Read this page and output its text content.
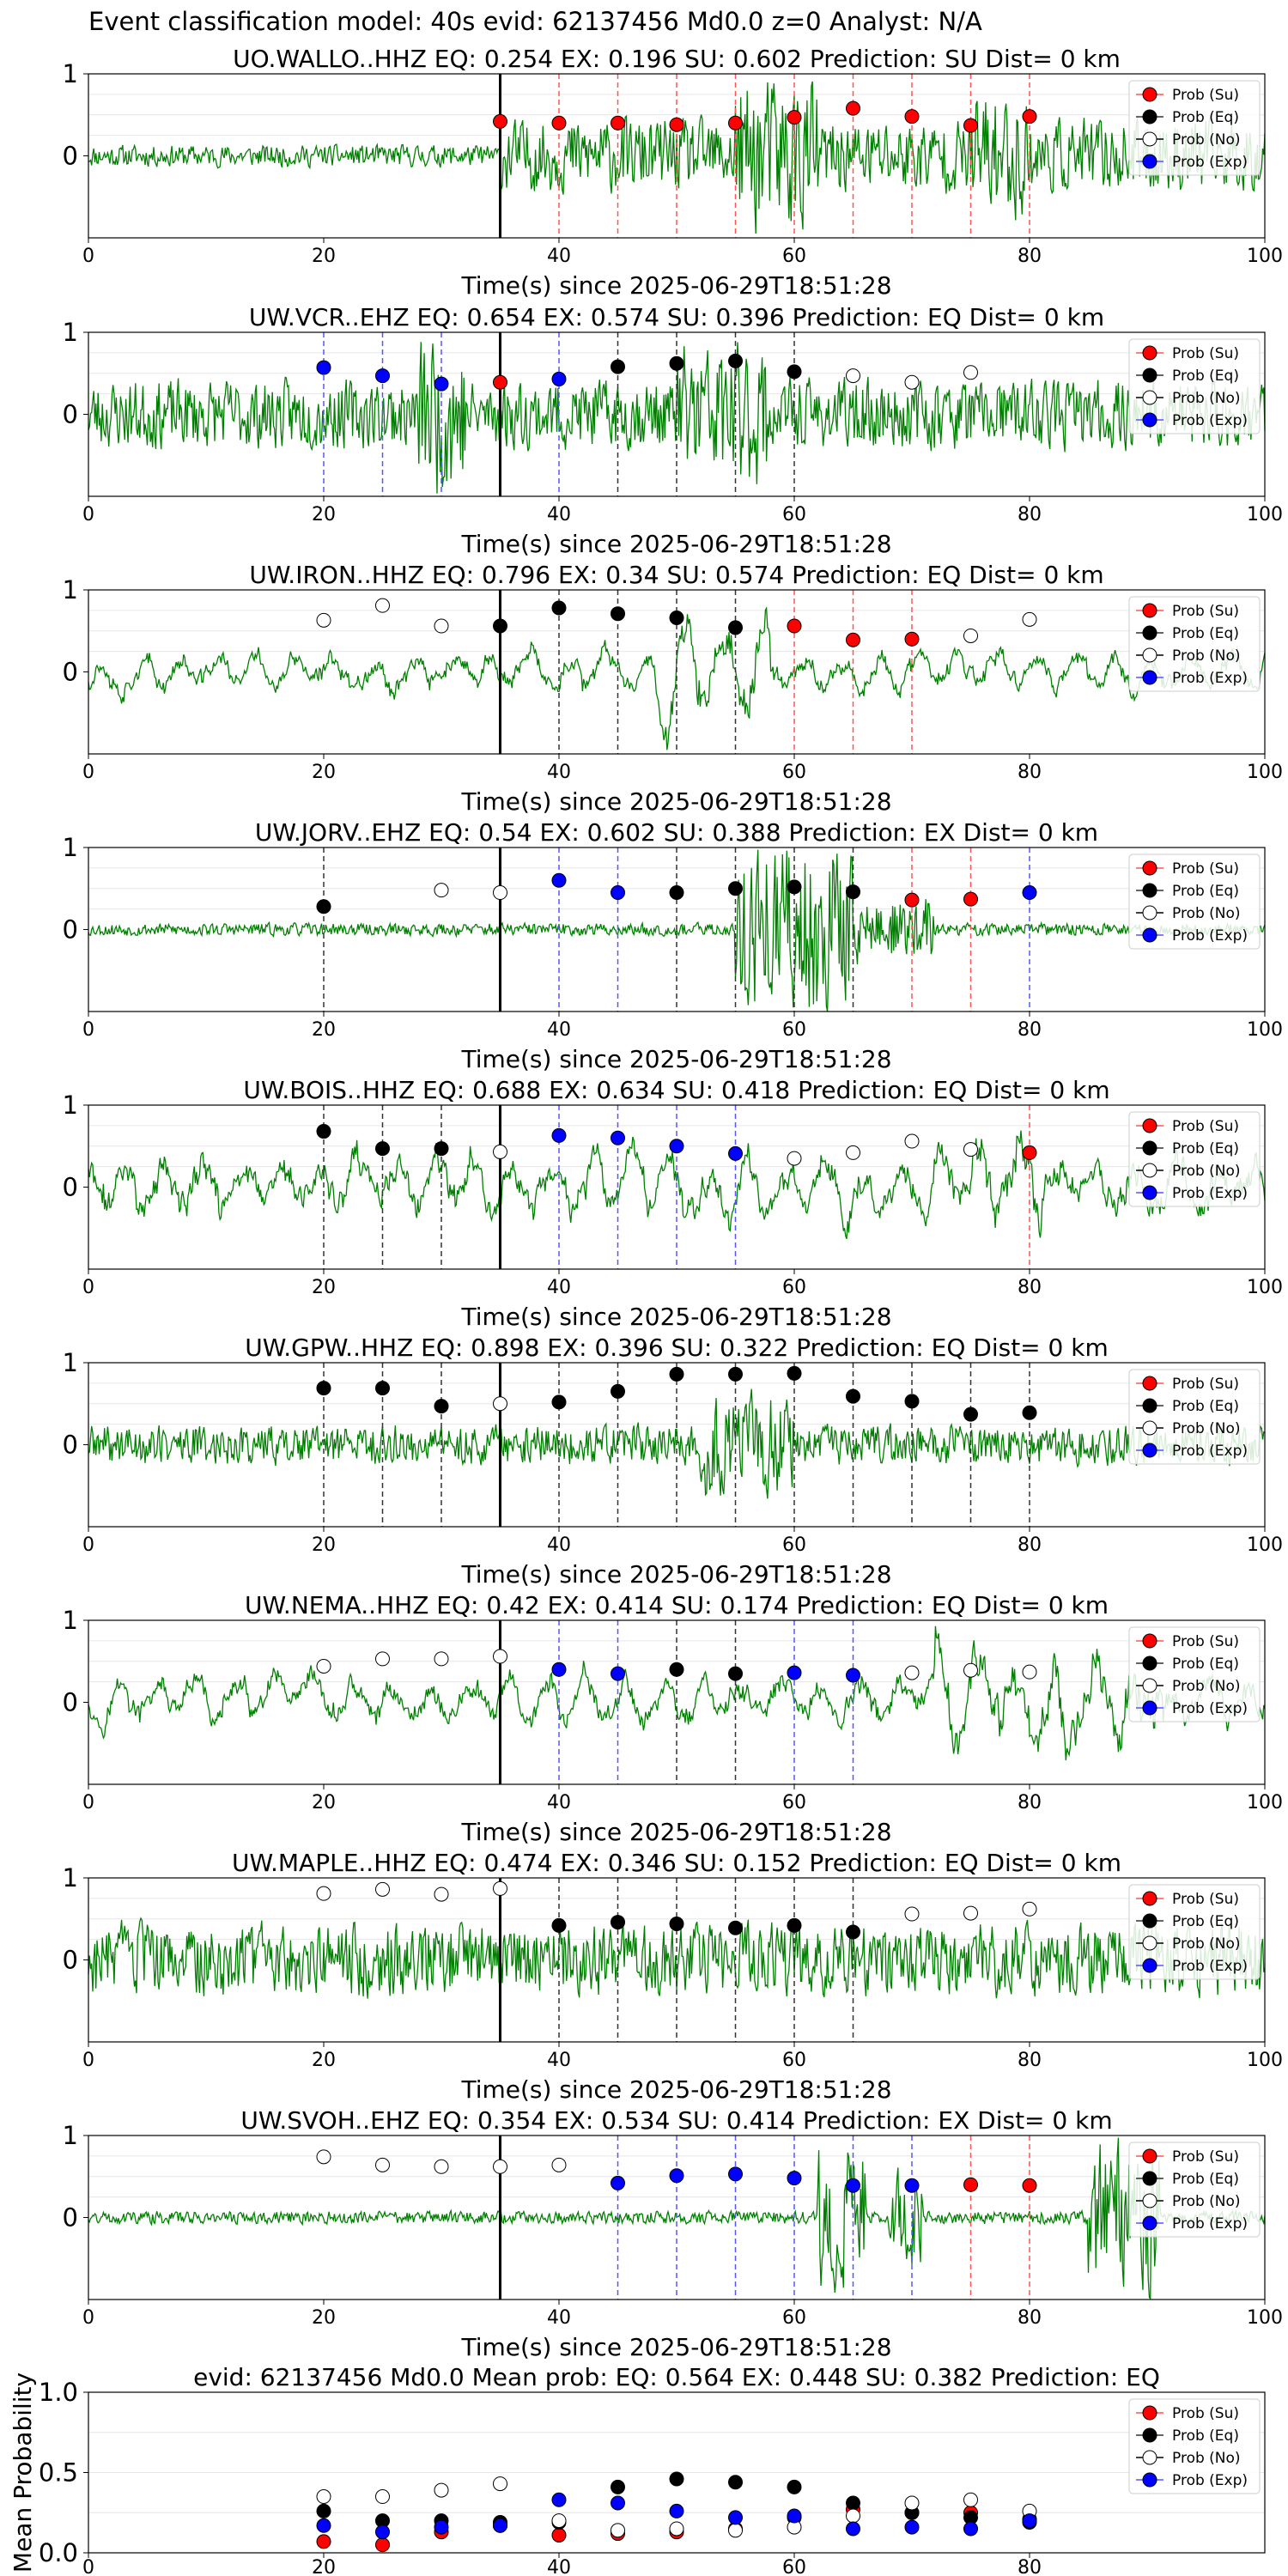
Event classification model: 40s evid: 62137456 Md0.0 z=0 Analyst: N/A
0
1
0	20	40	60	80	100
UO.WALLO..HHZ EQ: 0.254 EX: 0.196 SU: 0.602 Prediction: SU Dist= 0 km
Time(s) since 2025-06-29T18:51:28
Prob (Su)
Prob (Eq)
Prob (No)
Prob (Exp)
0
1
0	20	40	60	80	100
UW.VCR..EHZ EQ: 0.654 EX: 0.574 SU: 0.396 Prediction: EQ Dist= 0 km
Time(s) since 2025-06-29T18:51:28
Prob (Su)
Prob (Eq)
Prob (No)
Prob (Exp)
0
1
0	20	40	60	80	100
UW.IRON..HHZ EQ: 0.796 EX: 0.34 SU: 0.574 Prediction: EQ Dist= 0 km
Time(s) since 2025-06-29T18:51:28
Prob (Su)
Prob (Eq)
Prob (No)
Prob (Exp)
0
1
0	20	40	60	80	100
UW.JORV..EHZ EQ: 0.54 EX: 0.602 SU: 0.388 Prediction: EX Dist= 0 km
Time(s) since 2025-06-29T18:51:28
Prob (Su)
Prob (Eq)
Prob (No)
Prob (Exp)
0
1
0	20	40	60	80	100
UW.BOIS..HHZ EQ: 0.688 EX: 0.634 SU: 0.418 Prediction: EQ Dist= 0 km
Time(s) since 2025-06-29T18:51:28
Prob (Su)
Prob (Eq)
Prob (No)
Prob (Exp)
0
1
0	20	40	60	80	100
UW.GPW..HHZ EQ: 0.898 EX: 0.396 SU: 0.322 Prediction: EQ Dist= 0 km
Time(s) since 2025-06-29T18:51:28
Prob (Su)
Prob (Eq)
Prob (No)
Prob (Exp)
0
1
0	20	40	60	80	100
UW.NEMA..HHZ EQ: 0.42 EX: 0.414 SU: 0.174 Prediction: EQ Dist= 0 km
Time(s) since 2025-06-29T18:51:28
Prob (Su)
Prob (Eq)
Prob (No)
Prob (Exp)
0
1
0	20	40	60	80	100
UW.MAPLE..HHZ EQ: 0.474 EX: 0.346 SU: 0.152 Prediction: EQ Dist= 0 km
Time(s) since 2025-06-29T18:51:28
Prob (Su)
Prob (Eq)
Prob (No)
Prob (Exp)
0
1
0	20	40	60	80	100
UW.SVOH..EHZ EQ: 0.354 EX: 0.534 SU: 0.414 Prediction: EX Dist= 0 km
Time(s) since 2025-06-29T18:51:28
Prob (Su)
Prob (Eq)
Prob (No)
Prob (Exp)
0.0
0.5
1.0
0	20	40	60	80
evid: 62137456 Md0.0 Mean prob: EQ: 0.564 EX: 0.448 SU: 0.382 Prediction: EQ
Mean Probability	Prob (Su)
Prob (Eq)
Prob (No)
Prob (Exp)
